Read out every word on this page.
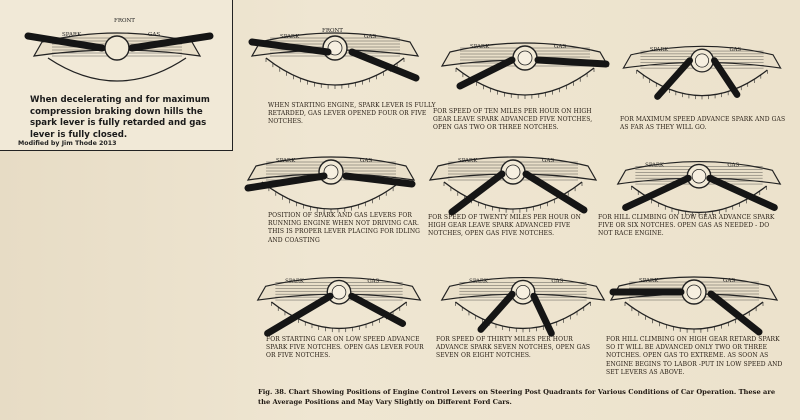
FRONT
SPARK	GAS
When decelerating and for maximum compression braking down hills the spark lever is fully retarded and gas lever is fully closed.
Modified by Jim Thode 2013
FRONT
SPARK	GAS
WHEN STARTING ENGINE, SPARK LEVER IS FULLY RETARDED, GAS LEVER OPENED FOUR OR FIVE NOTCHES.
SPARK	GAS
FOR SPEED OF TEN MILES PER HOUR ON HIGH GEAR LEAVE SPARK ADVANCED FIVE NOTCHES, OPEN GAS TWO OR THREE NOTCHES.
SPARK	GAS
FOR MAXIMUM SPEED ADVANCE SPARK AND GAS AS FAR AS THEY WILL GO.
SPARK	GAS
POSITION OF SPARK AND GAS LEVERS FOR RUNNING ENGINE WHEN NOT DRIVING CAR. THIS IS PROPER LEVER PLACING FOR IDLING AND COASTING
SPARK	GAS
FOR SPEED OF TWENTY MILES PER HOUR ON HIGH GEAR LEAVE SPARK ADVANCED FIVE NOTCHES, OPEN GAS FIVE NOTCHES.
SPARK	GAS
FOR HILL CLIMBING ON LOW GEAR ADVANCE SPARK FIVE OR SIX NOTCHES. OPEN GAS AS NEEDED - DO NOT RACE ENGINE.
SPARK	GAS
FOR STARTING CAR ON LOW SPEED ADVANCE SPARK FIVE NOTCHES. OPEN GAS LEVER FOUR OR FIVE NOTCHES.
SPARK	GAS
FOR SPEED OF THIRTY MILES PER HOUR ADVANCE SPARK SEVEN NOTCHES, OPEN GAS SEVEN OR EIGHT NOTCHES.
SPARK	GAS
FOR HILL CLIMBING ON HIGH GEAR RETARD SPARK SO IT WILL BE ADVANCED ONLY TWO OR THREE NOTCHES. OPEN GAS TO EXTREME. AS SOON AS ENGINE BEGINS TO LABOR -PUT IN LOW SPEED AND SET LEVERS AS ABOVE.
Fig. 38. Chart Showing Positions of Engine Control Levers on Steering Post Quadrants for Various Conditions of Car Operation. These are the Average Positions and May Vary Slightly on Different Ford Cars.
